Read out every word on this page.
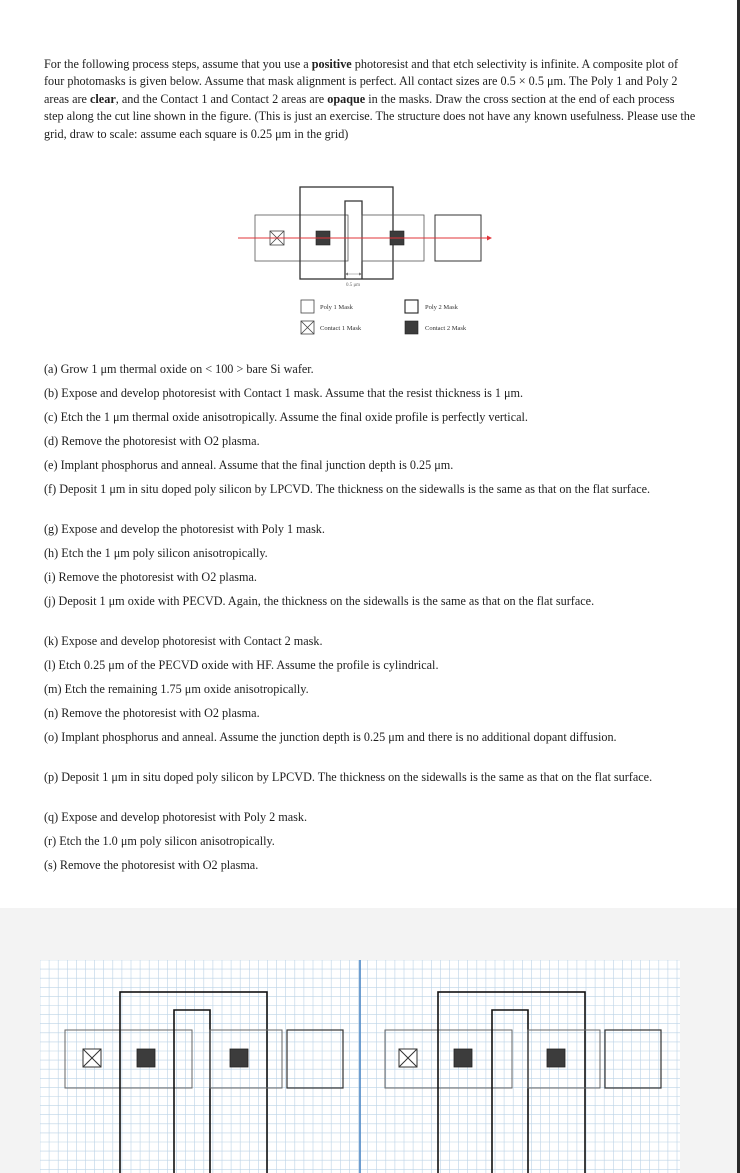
For the following process steps, assume that you use a positive photoresist and that etch selectivity is infinite. A composite plot of four photomasks is given below. Assume that mask alignment is perfect. All contact sizes are 0.5 × 0.5 μm. The Poly 1 and Poly 2 areas are clear, and the Contact 1 and Contact 2 areas are opaque in the masks. Draw the cross section at the end of each process step along the cut line shown in the figure. (This is just an exercise. The structure does not have any known usefulness. Please use the grid, draw to scale: assume each square is 0.25 μm in the grid)

0.5 μm
Poly 1 Mask	Poly 2 Mask
Contact 1 Mask	Contact 2 Mask

(a) Grow 1 μm thermal oxide on < 100 > bare Si wafer.

(b) Expose and develop photoresist with Contact 1 mask. Assume that the resist thickness is 1 μm.

(c) Etch the 1 μm thermal oxide anisotropically. Assume the final oxide profile is perfectly vertical.

(d) Remove the photoresist with O2 plasma.

(e) Implant phosphorus and anneal. Assume that the final junction depth is 0.25 μm.

(f) Deposit 1 μm in situ doped poly silicon by LPCVD. The thickness on the sidewalls is the same as that on the flat surface.

(g) Expose and develop the photoresist with Poly 1 mask.

(h) Etch the 1 μm poly silicon anisotropically.

(i) Remove the photoresist with O2 plasma.

(j) Deposit 1 μm oxide with PECVD. Again, the thickness on the sidewalls is the same as that on the flat surface.

(k) Expose and develop photoresist with Contact 2 mask.

(l) Etch 0.25 μm of the PECVD oxide with HF. Assume the profile is cylindrical.

(m) Etch the remaining 1.75 μm oxide anisotropically.

(n) Remove the photoresist with O2 plasma.

(o) Implant phosphorus and anneal. Assume the junction depth is 0.25 μm and there is no additional dopant diffusion.

(p) Deposit 1 μm in situ doped poly silicon by LPCVD. The thickness on the sidewalls is the same as that on the flat surface.

(q) Expose and develop photoresist with Poly 2 mask.

(r) Etch the 1.0 μm poly silicon anisotropically.

(s) Remove the photoresist with O2 plasma.
